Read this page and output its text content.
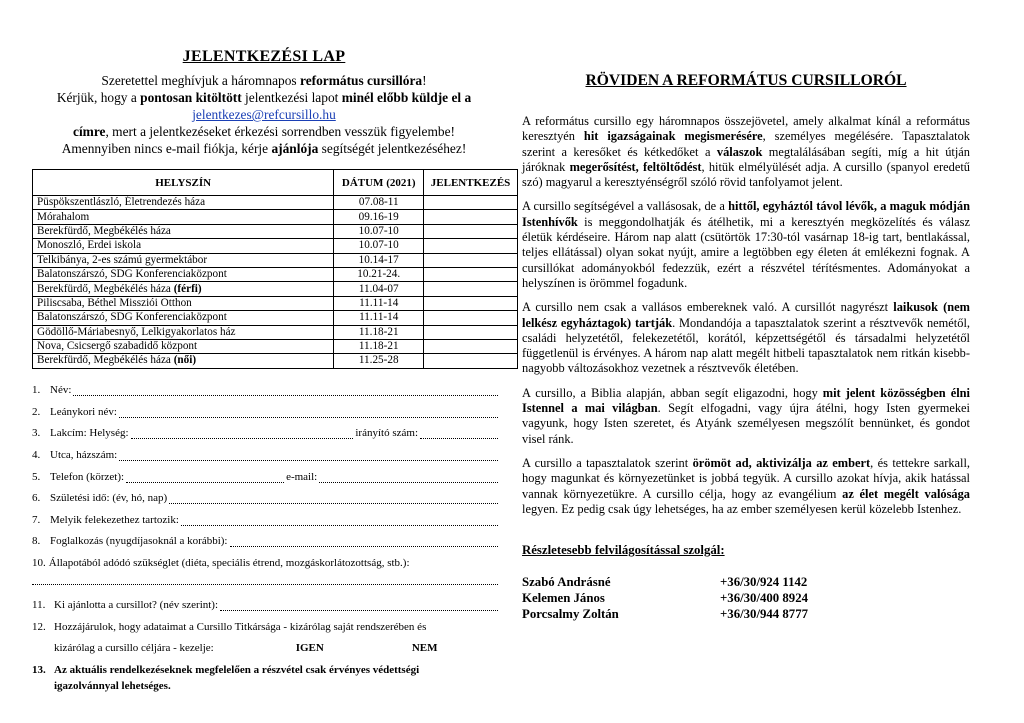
JELENTKEZÉSI LAP
Szeretettel meghívjuk a háromnapos református cursillóra!
Kérjük, hogy a pontosan kitöltött jelentkezési lapot minél előbb küldje el a
jelentkezes@refcursillo.hu
címre, mert a jelentkezéseket érkezési sorrendben vesszük figyelembe!
Amennyiben nincs e-mail fiókja, kérje ajánlója segítségét jelentkezéséhez!
HELYSZÍN	DÁTUM (2021)	JELENTKEZÉS
Püspökszentlászló, Életrendezés háza	07.08-11	
Mórahalom	09.16-19	
Berekfürdő, Megbékélés háza	10.07-10	
Monoszló, Erdei iskola	10.07-10	
Telkibánya, 2-es számú gyermektábor	10.14-17	
Balatonszárszó, SDG Konferenciaközpont	10.21-24.	
Berekfürdő, Megbékélés háza (férfi)	11.04-07	
Piliscsaba, Béthel Missziói Otthon	11.11-14	
Balatonszárszó, SDG Konferenciaközpont	11.11-14	
Gödöllő-Máriabesnyő, Lelkigyakorlatos ház	11.18-21	
Nova, Csicsergő szabadidő központ	11.18-21	
Berekfürdő, Megbékélés háza (női)	11.25-28	
1. Név:
2. Leánykori név:
3. Lakcím: Helység:	irányító szám:
4. Utca, házszám:
5. Telefon (körzet):	e-mail:
6. Születési idő: (év, hó, nap)
7. Melyik felekezethez tartozik:
8. Foglalkozás (nyugdíjasoknál a korábbi):
10. Állapotából adódó szükséglet (diéta, speciális étrend, mozgáskorlátozottság, stb.):
11. Ki ajánlotta a cursillot? (név szerint):
12. Hozzájárulok, hogy adataimat a Cursillo Titkársága - kizárólag saját rendszerében és
kizárólag a cursillo céljára - kezelje:	IGEN	NEM
13. Az aktuális rendelkezéseknek megfelelően a részvétel csak érvényes védettségi
igazolvánnyal lehetséges.
RÖVIDEN A REFORMÁTUS CURSILLORÓL

A református cursillo egy háromnapos összejövetel, amely alkalmat kínál a református keresztyén hit igazságainak megismerésére, személyes megélésére. Tapasztalatok szerint a keresőket és kétkedőket a válaszok megtalálásában segíti, míg a hit útján járóknak megerősítést, feltöltődést, hitük elmélyülését adja. A cursillo (spanyol eredetű szó) magyarul a keresztyénségről szóló rövid tanfolyamot jelent.

A cursillo segítségével a vallásosak, de a hittől, egyháztól távol lévők, a maguk módján Istenhívők is meggondolhatják és átélhetik, mi a keresztyén megközelítés és válasz életük kérdéseire. Három nap alatt (csütörtök 17:30-tól vasárnap 18-ig tart, bentlakással, teljes ellátással) olyan sokat nyújt, amire a legtöbben egy életen át emlékezni fognak. A cursillókat adományokból fedezzük, ezért a részvétel térítésmentes. Adományokat a helyszínen is örömmel fogadunk.

A cursillo nem csak a vallásos embereknek való. A cursillót nagyrészt laikusok (nem lelkész egyháztagok) tartják. Mondandója a tapasztalatok szerint a résztvevők nemétől, családi helyzetétől, felekezetétől, korától, képzettségétől és társadalmi helyzetétől függetlenül is érvényes. A három nap alatt megélt hitbeli tapasztalatok nem ritkán kisebb-nagyobb változásokhoz vezetnek a résztvevők életében.

A cursillo, a Biblia alapján, abban segít eligazodni, hogy mit jelent közösségben élni Istennel a mai világban. Segít elfogadni, vagy újra átélni, hogy Isten gyermekei vagyunk, hogy Isten szeretet, és Atyánk személyesen megszólít bennünket, és gondot visel ránk.

A cursillo a tapasztalatok szerint örömöt ad, aktivizálja az embert, és tettekre sarkall, hogy magunkat és környezetünket is jobbá tegyük. A cursillo azokat hívja, akik hatással vannak környezetükre. A cursillo célja, hogy az evangélium az élet megélt valósága legyen. Ez pedig csak úgy lehetséges, ha az ember személyesen kerül közelebb Istenhez.

Részletesebb felvilágosítással szolgál:
Szabó Andrásné	+36/30/924 1142
Kelemen János	+36/30/400 8924
Porcsalmy Zoltán	+36/30/944 8777
